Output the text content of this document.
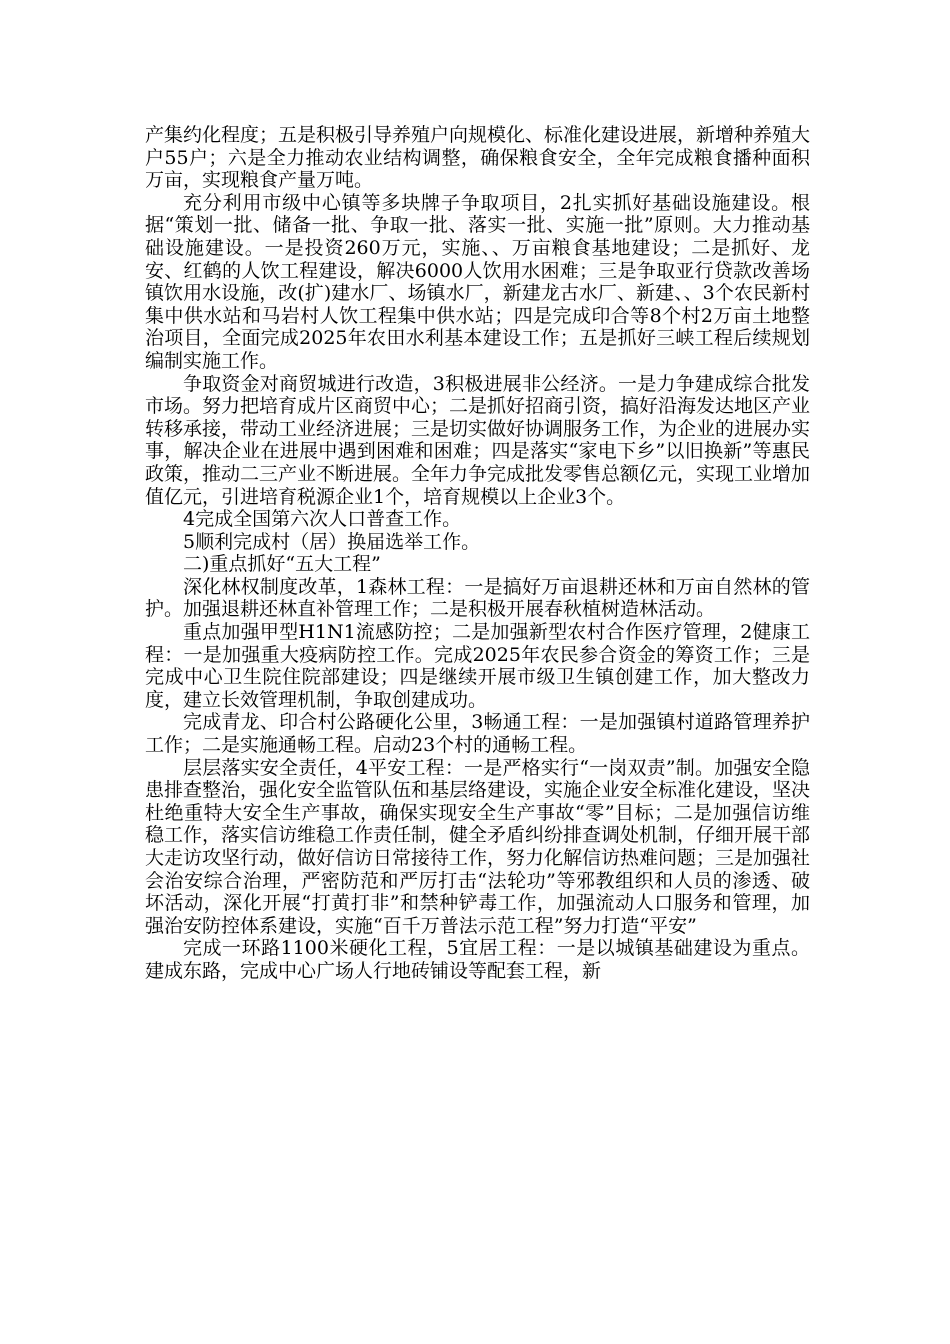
产集约化程度；五是积极引导养殖户向规模化、标准化建设进展，新增种养殖大户55户；六是全力推动农业结构调整，确保粮食安全，全年完成粮食播种面积万亩，实现粮食产量万吨。

充分利用市级中心镇等多块牌子争取项目，2扎实抓好基础设施建设。根据“策划一批、储备一批、争取一批、落实一批、实施一批”原则。大力推动基础设施建设。一是投资260万元，实施、、万亩粮食基地建设；二是抓好、龙安、红鹤的人饮工程建设，解决6000人饮用水困难；三是争取亚行贷款改善场镇饮用水设施，改(扩)建水厂、场镇水厂，新建龙古水厂、新建、、3个农民新村集中供水站和马岩村人饮工程集中供水站；四是完成印合等8个村2万亩土地整治项目，全面完成2025年农田水利基本建设工作；五是抓好三峡工程后续规划编制实施工作。

争取资金对商贸城进行改造，3积极进展非公经济。一是力争建成综合批发市场。努力把培育成片区商贸中心；二是抓好招商引资，搞好沿海发达地区产业转移承接，带动工业经济进展；三是切实做好协调服务工作，为企业的进展办实事，解决企业在进展中遇到困难和困难；四是落实“家电下乡”以旧换新”等惠民政策，推动二三产业不断进展。全年力争完成批发零售总额亿元，实现工业增加值亿元，引进培育税源企业1个，培育规模以上企业3个。

4完成全国第六次人口普查工作。

5顺利完成村（居）换届选举工作。

二)重点抓好“五大工程”

深化林权制度改革，1森林工程：一是搞好万亩退耕还林和万亩自然林的管护。加强退耕还林直补管理工作；二是积极开展春秋植树造林活动。

重点加强甲型H1N1流感防控；二是加强新型农村合作医疗管理，2健康工程：一是加强重大疫病防控工作。完成2025年农民参合资金的筹资工作；三是完成中心卫生院住院部建设；四是继续开展市级卫生镇创建工作，加大整改力度，建立长效管理机制，争取创建成功。

完成青龙、印合村公路硬化公里，3畅通工程：一是加强镇村道路管理养护工作；二是实施通畅工程。启动23个村的通畅工程。

层层落实安全责任，4平安工程：一是严格实行“一岗双责”制。加强安全隐患排查整治，强化安全监管队伍和基层络建设，实施企业安全标准化建设，坚决杜绝重特大安全生产事故，确保实现安全生产事故“零”目标；二是加强信访维稳工作，落实信访维稳工作责任制，健全矛盾纠纷排查调处机制，仔细开展干部大走访攻坚行动，做好信访日常接待工作，努力化解信访热难问题；三是加强社会治安综合治理，严密防范和严厉打击“法轮功”等邪教组织和人员的渗透、破坏活动，深化开展“打黄打非”和禁种铲毒工作，加强流动人口服务和管理，加强治安防控体系建设，实施“百千万普法示范工程”努力打造“平安”

完成一环路1100米硬化工程，5宜居工程：一是以城镇基础建设为重点。建成东路，完成中心广场人行地砖铺设等配套工程，新
